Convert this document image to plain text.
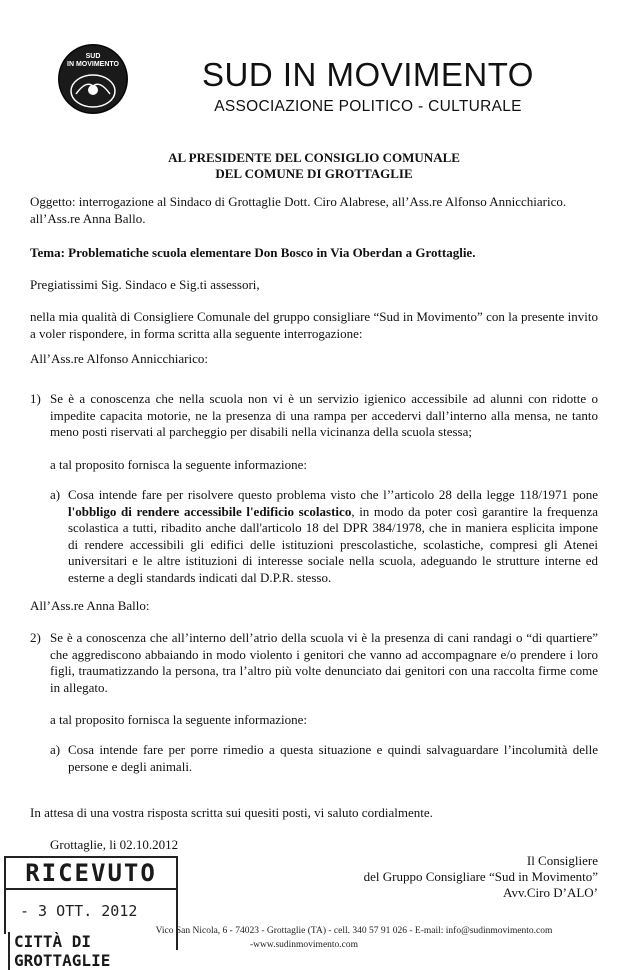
SUD
IN MOVIMENTO	SUD IN MOVIMENTO
ASSOCIAZIONE POLITICO - CULTURALE
AL PRESIDENTE DEL CONSIGLIO COMUNALE
DEL COMUNE DI GROTTAGLIE
Oggetto: interrogazione al Sindaco di Grottaglie Dott. Ciro Alabrese, all’Ass.re Alfonso Annicchiarico. all’Ass.re Anna Ballo.
Tema: Problematiche scuola elementare Don Bosco in Via Oberdan a Grottaglie.
Pregiatissimi Sig. Sindaco e Sig.ti assessori,
nella mia qualità di Consigliere Comunale del gruppo consigliare “Sud in Movimento” con la presente invito a voler rispondere, in forma scritta alla seguente interrogazione:
All’Ass.re Alfonso Annicchiarico:
1) Se è a conoscenza che nella scuola non vi è un servizio igienico accessibile ad alunni con ridotte o impedite capacita motorie, ne la presenza di una rampa per accedervi dall’interno alla mensa, ne tanto meno posti riservati al parcheggio per disabili nella vicinanza della scuola stessa;
a tal proposito fornisca la seguente informazione:
a) Cosa intende fare per risolvere questo problema visto che l’’articolo 28 della legge 118/1971 pone l'obbligo di rendere accessibile l'edificio scolastico, in modo da poter così garantire la frequenza scolastica a tutti, ribadito anche dall'articolo 18 del DPR 384/1978, che in maniera esplicita impone di rendere accessibili gli edifici delle istituzioni prescolastiche, scolastiche, compresi gli Atenei universitari e le altre istituzioni di interesse sociale nella scuola, adeguando le strutture interne ed esterne a degli standards indicati dal D.P.R. stesso.
All’Ass.re Anna Ballo:
2) Se è a conoscenza che all’interno dell’atrio della scuola vi è la presenza di cani randagi o “di quartiere” che aggrediscono abbaiando in modo violento i genitori che vanno ad accompagnare e/o prendere i loro figli, traumatizzando la persona, tra l’altro più volte denunciato dai genitori con una raccolta firme come in allegato.
a tal proposito fornisca la seguente informazione:
a) Cosa intende fare per porre rimedio a questa situazione e quindi salvaguardare l’incolumità delle persone e degli animali.
In attesa di una vostra risposta scritta sui quesiti posti, vi saluto cordialmente.
Grottaglie, li 02.10.2012
Il Consigliere
del Gruppo Consigliare “Sud in Movimento”
Avv.Ciro D’ALO’
RICEVUTO
- 3 OTT. 2012
CITTÀ DI GROTTAGLIE
Vico San Nicola, 6 - 74023 - Grottaglie (TA) - cell. 340 57 91 026 - E-mail: info@sudinmovimento.com
-www.sudinmovimento.com
